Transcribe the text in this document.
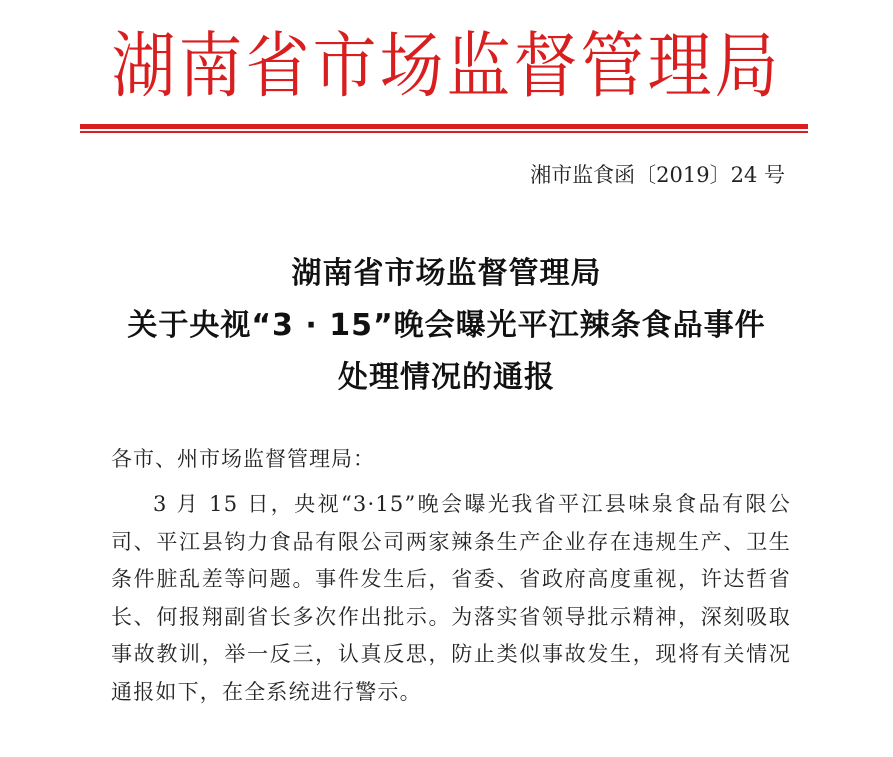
湖南省市场监督管理局
湘市监食函〔2019〕24 号
湖南省市场监督管理局
关于央视“3 · 15”晚会曝光平江辣条食品事件
处理情况的通报
各市、州市场监督管理局：

3 月 15 日，央视“3·15”晚会曝光我省平江县味泉食品有限公司、平江县钧力食品有限公司两家辣条生产企业存在违规生产、卫生条件脏乱差等问题。事件发生后，省委、省政府高度重视，许达哲省长、何报翔副省长多次作出批示。为落实省领导批示精神，深刻吸取事故教训，举一反三，认真反思，防止类似事故发生，现将有关情况通报如下，在全系统进行警示。
